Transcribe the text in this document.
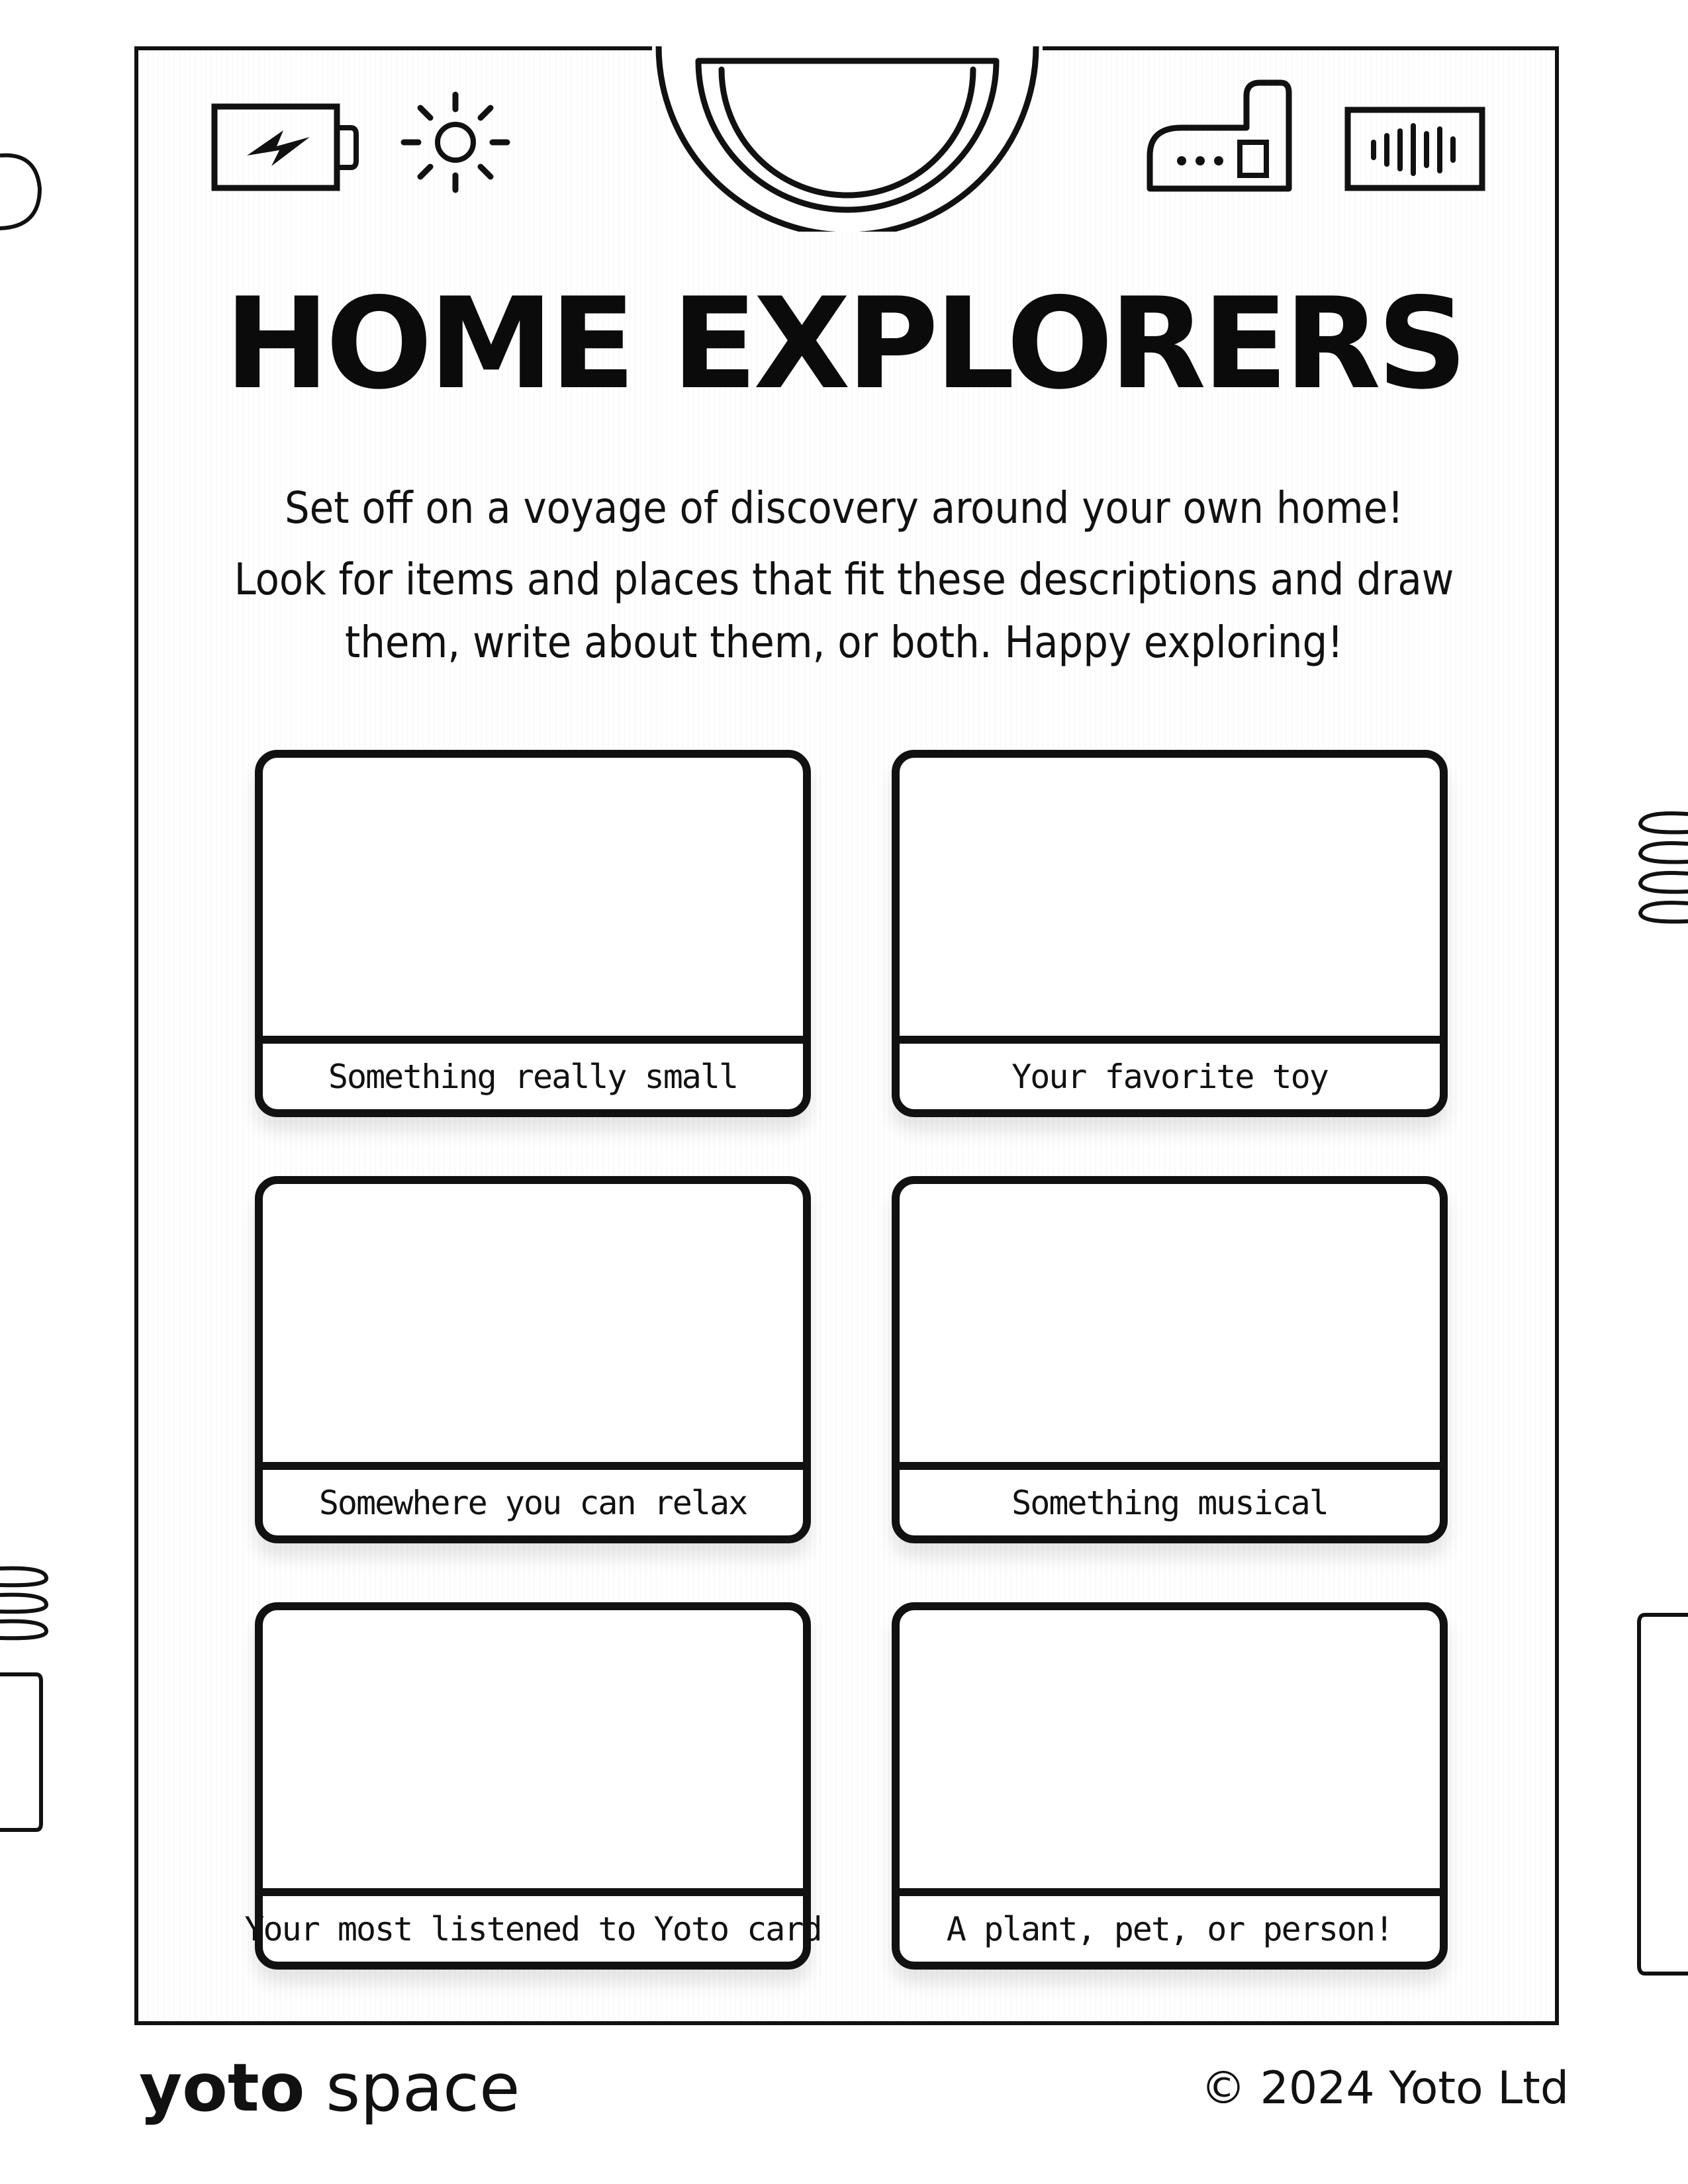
HOME EXPLORERS

Set off on a voyage of discovery around your own home!

Look for items and places that fit these descriptions and draw them, write about them, or both. Happy exploring!

Something really small	Your favorite toy
Somewhere you can relax	Something musical
Your most listened to Yoto card	A plant, pet, or person!
yoto space	© 2024 Yoto Ltd
